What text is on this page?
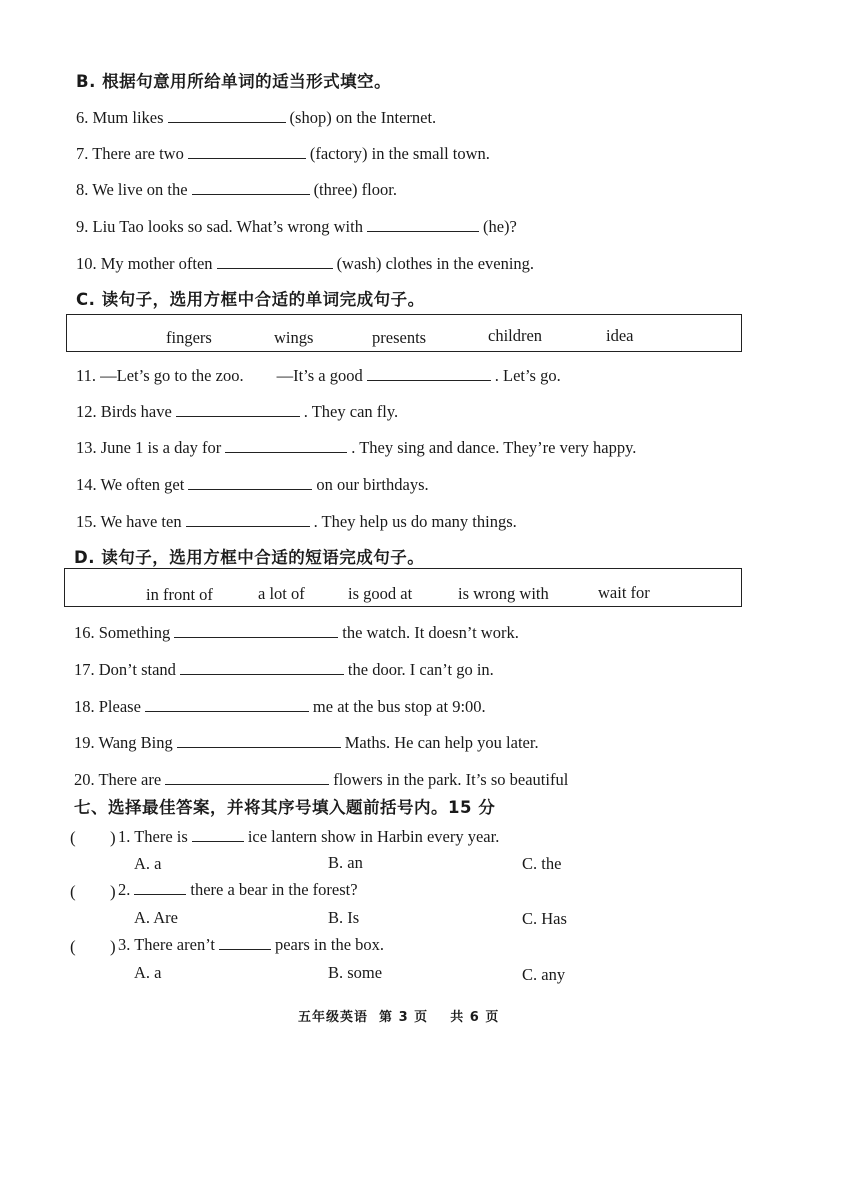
B. 根据句意用所给单词的适当形式填空。
6. Mum likes	(shop) on the Internet.
7. There are two	(factory) in the small town.
8. We live on the	(three) floor.
9. Liu Tao looks so sad. What’s wrong with	(he)?
10. My mother often	(wash) clothes in the evening.
C. 读句子，选用方框中合适的单词完成句子。
fingers	wings	presents	children	idea
11. —Let’s go to the zoo.        —It’s a good	. Let’s go.
12. Birds have	. They can fly.
13. June 1 is a day for	. They sing and dance. They’re very happy.
14. We often get	on our birthdays.
15. We have ten	. They help us do many things.
D. 读句子，选用方框中合适的短语完成句子。
in front of	a lot of	is good at	is wrong with	wait for
16. Something	the watch. It doesn’t work.
17. Don’t stand	the door. I can’t go in.
18. Please	me at the bus stop at 9:00.
19. Wang Bing	Maths. He can help you later.
20. There are	flowers in the park. It’s so beautiful
七、选择最佳答案，并将其序号填入题前括号内。15 分
( ) 1. There is	ice lantern show in Harbin every year.
A. a	B. an	C. the
( ) 2.	there a bear in the forest?
A. Are	B. Is	C. Has
( ) 3. There aren’t	pears in the box.
A. a	B. some	C. any
五年级英语  第 3 页    共 6 页
